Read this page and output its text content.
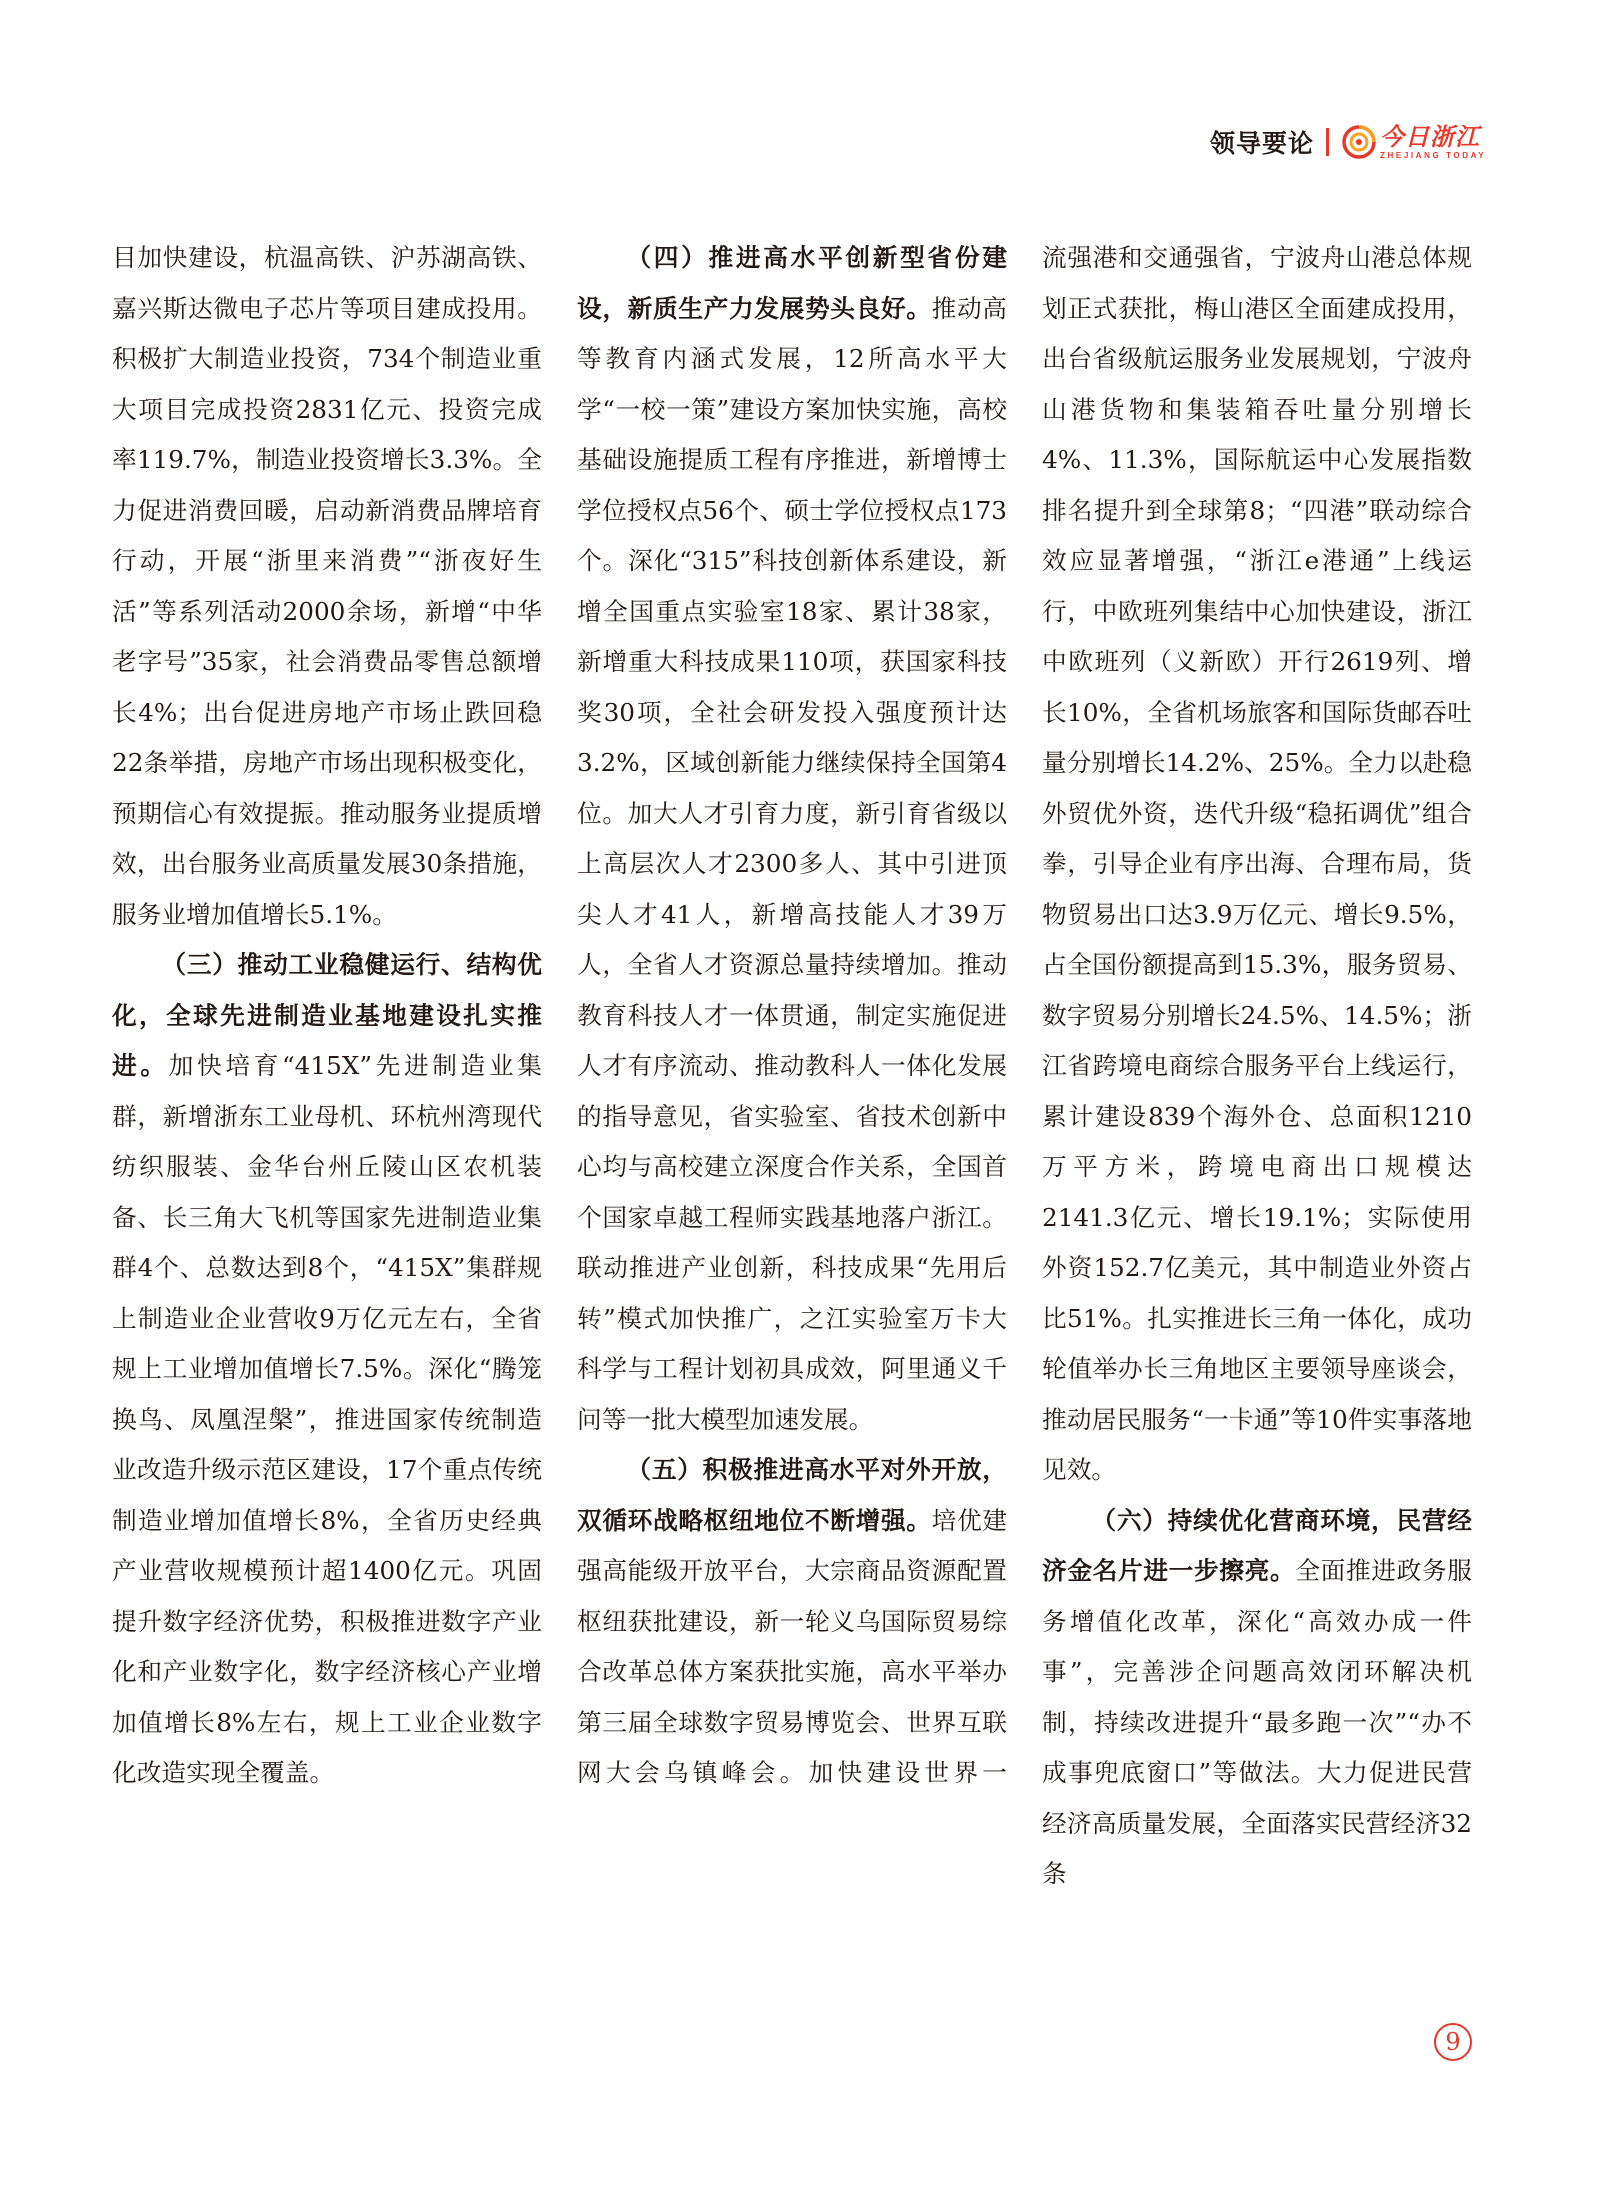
领导要论	今日浙江
ZHEJIANG TODAY

目加快建设，杭温高铁、沪苏湖高铁、嘉兴斯达微电子芯片等项目建成投用。积极扩大制造业投资，734个制造业重大项目完成投资2831亿元、投资完成率119.7%，制造业投资增长3.3%。全力促进消费回暖，启动新消费品牌培育行动，开展“浙里来消费”“浙夜好生活”等系列活动2000余场，新增“中华老字号”35家，社会消费品零售总额增长4%；出台促进房地产市场止跌回稳22条举措，房地产市场出现积极变化，预期信心有效提振。推动服务业提质增效，出台服务业高质量发展30条措施，服务业增加值增长5.1%。

（三）推动工业稳健运行、结构优化，全球先进制造业基地建设扎实推进。加快培育“415X”先进制造业集群，新增浙东工业母机、环杭州湾现代纺织服装、金华台州丘陵山区农机装备、长三角大飞机等国家先进制造业集群4个、总数达到8个，“415X”集群规上制造业企业营收9万亿元左右，全省规上工业增加值增长7.5%。深化“腾笼换鸟、凤凰涅槃”，推进国家传统制造业改造升级示范区建设，17个重点传统制造业增加值增长8%，全省历史经典产业营收规模预计超1400亿元。巩固提升数字经济优势，积极推进数字产业化和产业数字化，数字经济核心产业增加值增长8%左右，规上工业企业数字化改造实现全覆盖。

（四）推进高水平创新型省份建设，新质生产力发展势头良好。推动高等教育内涵式发展，12所高水平大学“一校一策”建设方案加快实施，高校基础设施提质工程有序推进，新增博士学位授权点56个、硕士学位授权点173个。深化“315”科技创新体系建设，新增全国重点实验室18家、累计38家，新增重大科技成果110项，获国家科技奖30项，全社会研发投入强度预计达3.2%，区域创新能力继续保持全国第4位。加大人才引育力度，新引育省级以上高层次人才2300多人、其中引进顶尖人才41人，新增高技能人才39万人，全省人才资源总量持续增加。推动教育科技人才一体贯通，制定实施促进人才有序流动、推动教科人一体化发展的指导意见，省实验室、省技术创新中心均与高校建立深度合作关系，全国首个国家卓越工程师实践基地落户浙江。联动推进产业创新，科技成果“先用后转”模式加快推广，之江实验室万卡大科学与工程计划初具成效，阿里通义千问等一批大模型加速发展。

（五）积极推进高水平对外开放，双循环战略枢纽地位不断增强。培优建强高能级开放平台，大宗商品资源配置枢纽获批建设，新一轮义乌国际贸易综合改革总体方案获批实施，高水平举办第三届全球数字贸易博览会、世界互联网大会乌镇峰会。加快建设世界一

流强港和交通强省，宁波舟山港总体规划正式获批，梅山港区全面建成投用，出台省级航运服务业发展规划，宁波舟山港货物和集装箱吞吐量分别增长4%、11.3%，国际航运中心发展指数排名提升到全球第8；“四港”联动综合效应显著增强，“浙江e港通”上线运行，中欧班列集结中心加快建设，浙江中欧班列（义新欧）开行2619列、增长10%，全省机场旅客和国际货邮吞吐量分别增长14.2%、25%。全力以赴稳外贸优外资，迭代升级“稳拓调优”组合拳，引导企业有序出海、合理布局，货物贸易出口达3.9万亿元、增长9.5%，占全国份额提高到15.3%，服务贸易、数字贸易分别增长24.5%、14.5%；浙江省跨境电商综合服务平台上线运行，累计建设839个海外仓、总面积1210万平方米，跨境电商出口规模达2141.3亿元、增长19.1%；实际使用外资152.7亿美元，其中制造业外资占比51%。扎实推进长三角一体化，成功轮值举办长三角地区主要领导座谈会，推动居民服务“一卡通”等10件实事落地见效。

（六）持续优化营商环境，民营经济金名片进一步擦亮。全面推进政务服务增值化改革，深化“高效办成一件事”，完善涉企问题高效闭环解决机制，持续改进提升“最多跑一次”“办不成事兜底窗口”等做法。大力促进民营经济高质量发展，全面落实民营经济32条

9
